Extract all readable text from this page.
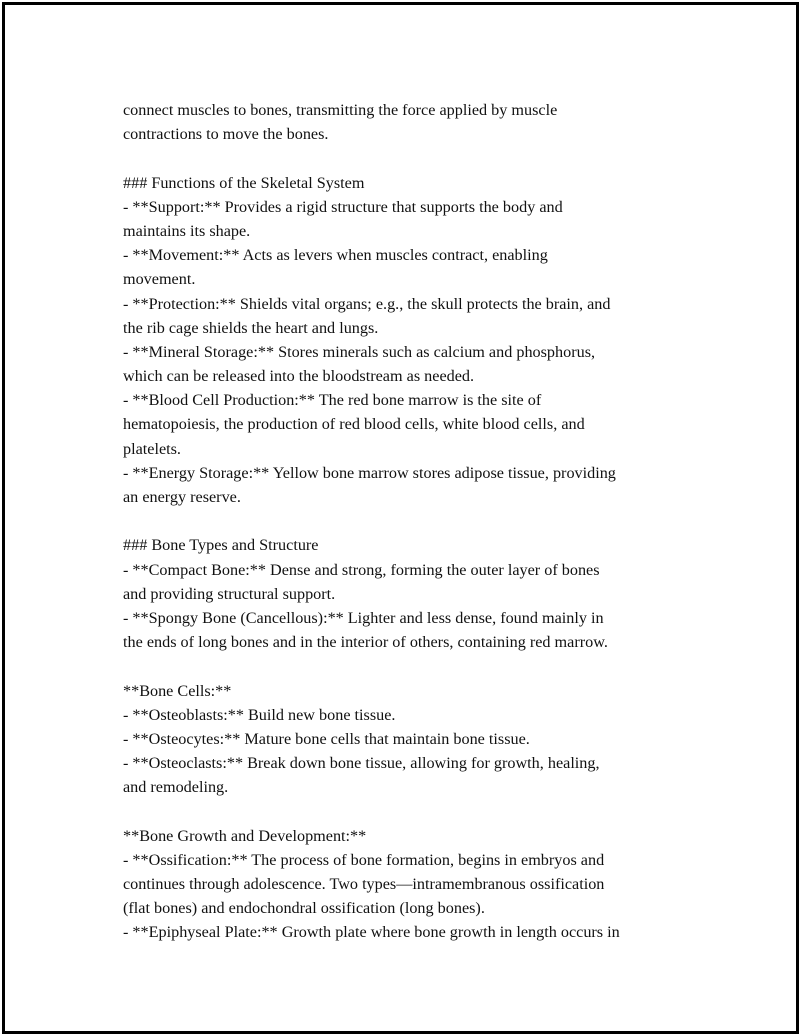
connect muscles to bones, transmitting the force applied by muscle
contractions to move the bones.
### Functions of the Skeletal System
- **Support:** Provides a rigid structure that supports the body and
maintains its shape.
- **Movement:** Acts as levers when muscles contract, enabling
movement.
- **Protection:** Shields vital organs; e.g., the skull protects the brain, and
the rib cage shields the heart and lungs.
- **Mineral Storage:** Stores minerals such as calcium and phosphorus,
which can be released into the bloodstream as needed.
- **Blood Cell Production:** The red bone marrow is the site of
hematopoiesis, the production of red blood cells, white blood cells, and
platelets.
- **Energy Storage:** Yellow bone marrow stores adipose tissue, providing
an energy reserve.
### Bone Types and Structure
- **Compact Bone:** Dense and strong, forming the outer layer of bones
and providing structural support.
- **Spongy Bone (Cancellous):** Lighter and less dense, found mainly in
the ends of long bones and in the interior of others, containing red marrow.
**Bone Cells:**
- **Osteoblasts:** Build new bone tissue.
- **Osteocytes:** Mature bone cells that maintain bone tissue.
- **Osteoclasts:** Break down bone tissue, allowing for growth, healing,
and remodeling.
**Bone Growth and Development:**
- **Ossification:** The process of bone formation, begins in embryos and
continues through adolescence. Two types—intramembranous ossification
(flat bones) and endochondral ossification (long bones).
- **Epiphyseal Plate:** Growth plate where bone growth in length occurs in
